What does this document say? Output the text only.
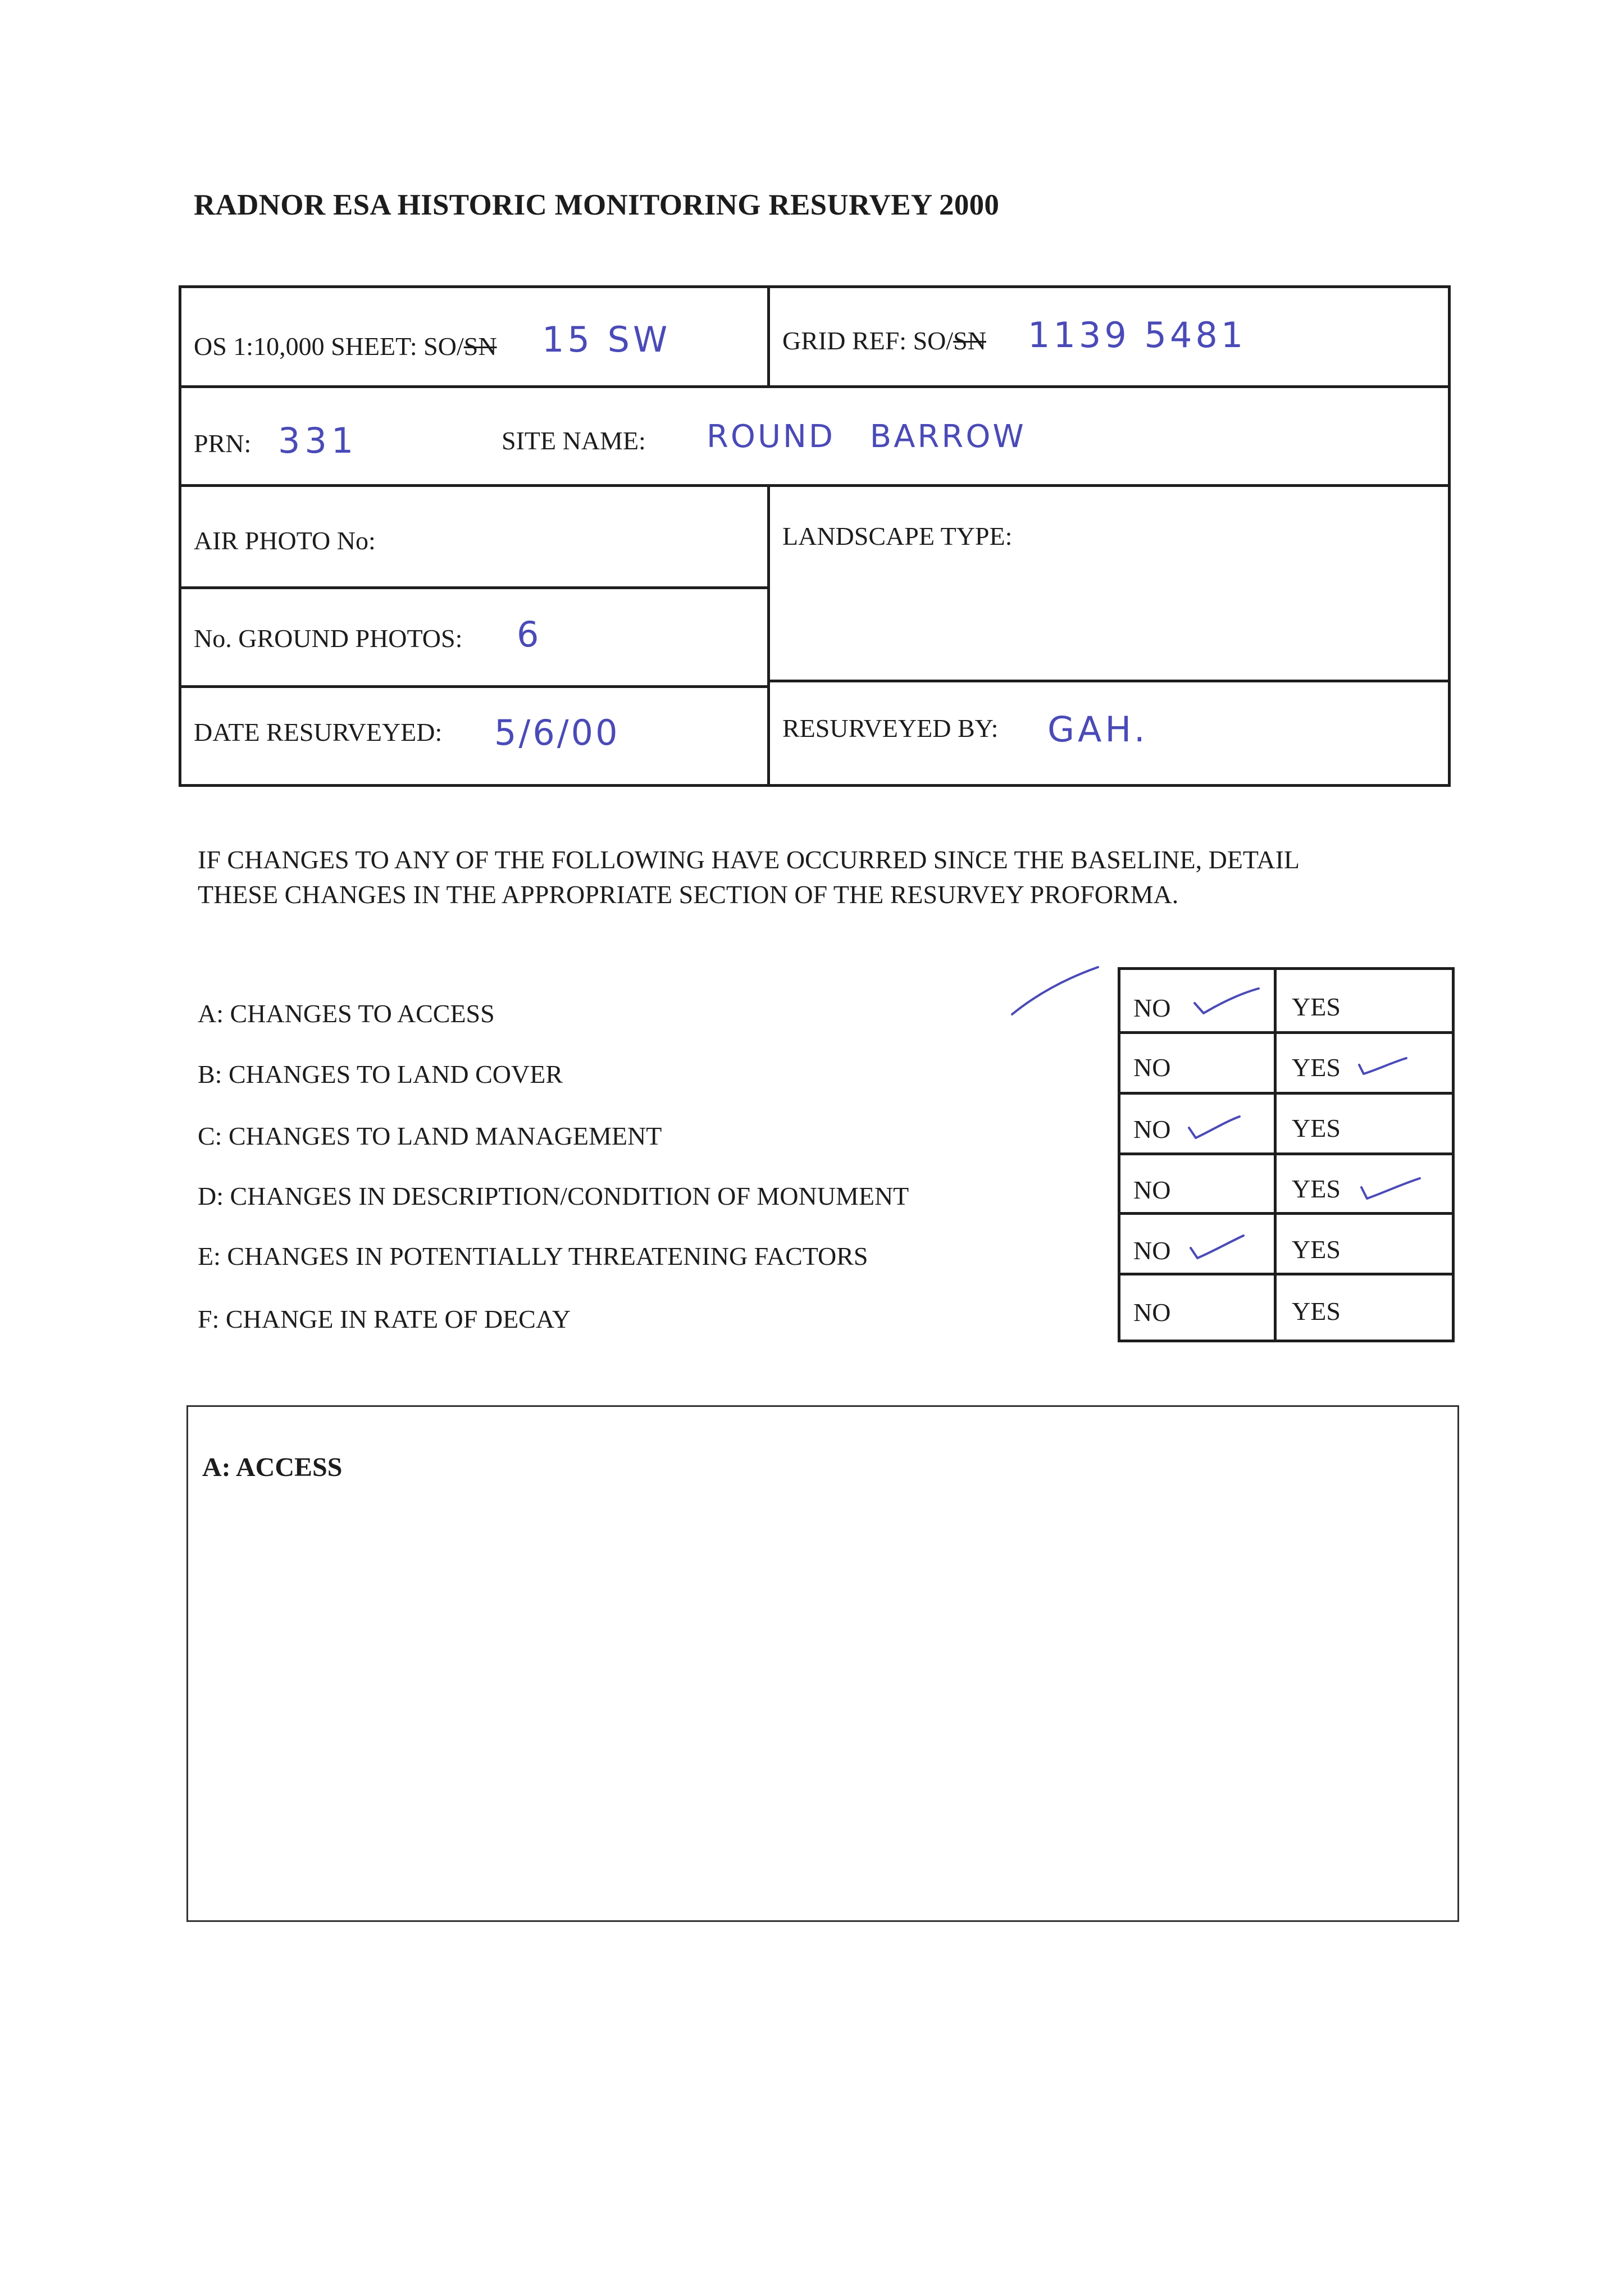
RADNOR ESA HISTORIC MONITORING RESURVEY 2000
OS 1:10,000 SHEET: SO/SN 15 SW	GRID REF: SO/SN 1139 5481
PRN: 331	SITE NAME: ROUND BARROW
AIR PHOTO No:	LANDSCAPE TYPE:
No. GROUND PHOTOS: 6
DATE RESURVEYED: 5/6/00	RESURVEYED BY: GAH.
IF CHANGES TO ANY OF THE FOLLOWING HAVE OCCURRED SINCE THE BASELINE, DETAIL
THESE CHANGES IN THE APPROPRIATE SECTION OF THE RESURVEY PROFORMA.
A: CHANGES TO ACCESS
B: CHANGES TO LAND COVER
C: CHANGES TO LAND MANAGEMENT
D: CHANGES IN DESCRIPTION/CONDITION OF MONUMENT
E: CHANGES IN POTENTIALLY THREATENING FACTORS
F: CHANGE IN RATE OF DECAY
NO	YES
NO	YES
NO	YES
NO	YES
NO	YES
NO	YES
A: ACCESS
